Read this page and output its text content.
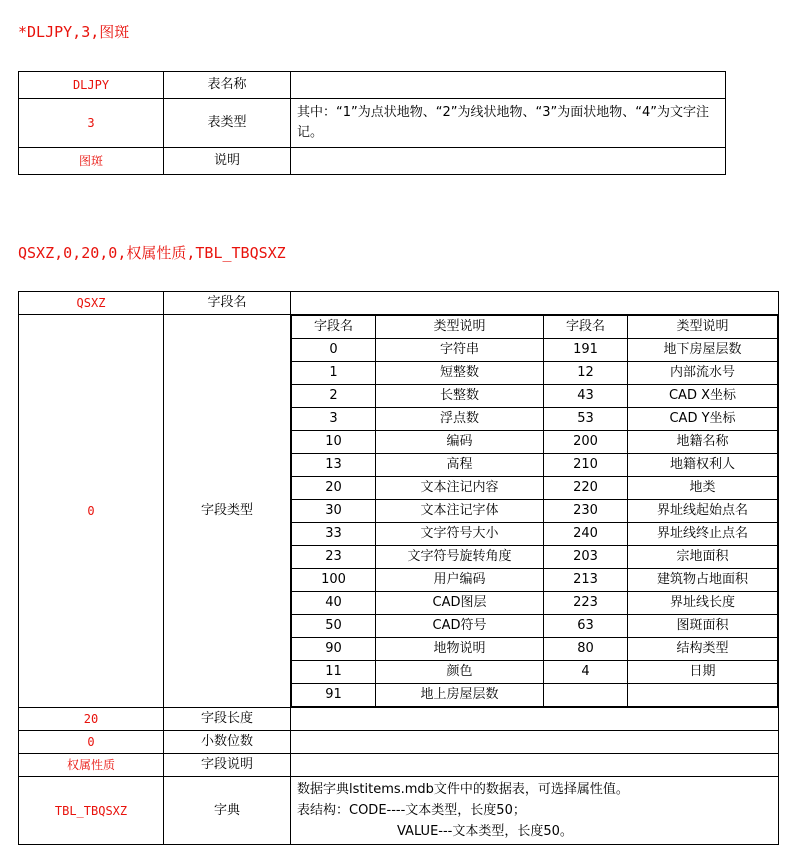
*DLJPY,3,图斑
DLJPY	表名称	
3	表类型	其中：“1”为点状地物、“2”为线状地物、“3”为面状地物、“4”为文字注记。
图斑	说明	
QSXZ,0,20,0,权属性质,TBL_TBQSXZ
QSXZ	字段名	
0	字段类型	
字段名	类型说明	字段名	类型说明
0	字符串	191	地下房屋层数
1	短整数	12	内部流水号
2	长整数	43	CAD X坐标
3	浮点数	53	CAD Y坐标
10	编码	200	地籍名称
13	高程	210	地籍权利人
20	文本注记内容	220	地类
30	文本注记字体	230	界址线起始点名
33	文字符号大小	240	界址线终止点名
23	文字符号旋转角度	203	宗地面积
100	用户编码	213	建筑物占地面积
40	CAD图层	223	界址线长度
50	CAD符号	63	图斑面积
90	地物说明	80	结构类型
11	颜色	4	日期
91	地上房屋层数		

20	字段长度	
0	小数位数	
权属性质	字段说明	
TBL_TBQSXZ	字典	
数据字典lstitems.mdb文件中的数据表，可选择属性值。
表结构：CODE----文本类型，长度50；
VALUE---文本类型，长度50。
